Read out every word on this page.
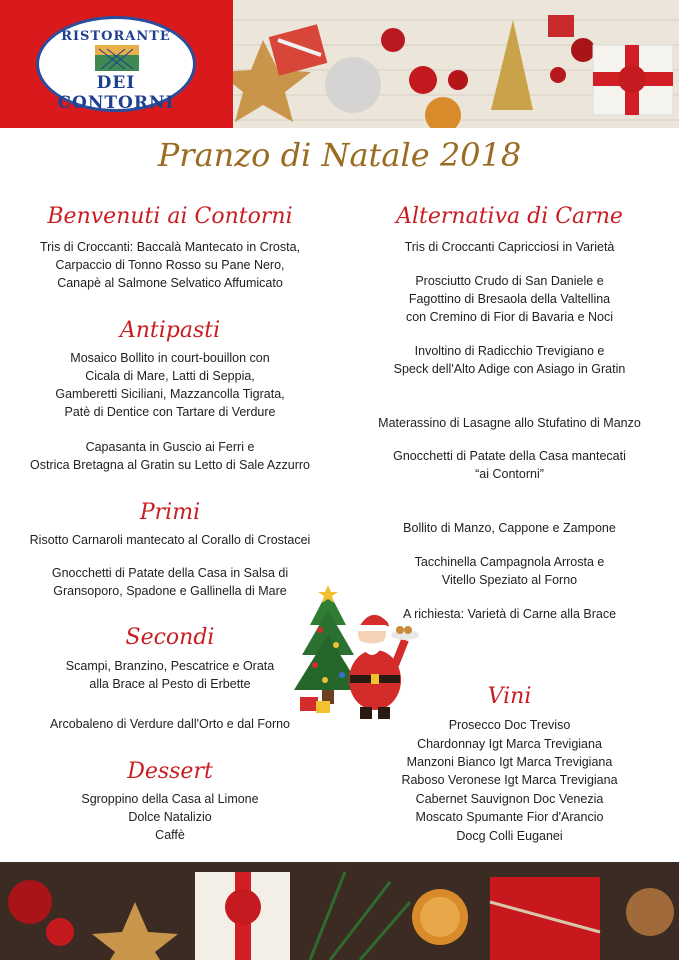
RISTORANTE
DEI CONTORNI
Pranzo di Natale 2018
Benvenuti ai Contorni
Tris di Croccanti: Baccalà Mantecato in Crosta,
Carpaccio di Tonno Rosso su Pane Nero,
Canapè al Salmone Selvatico Affumicato
Antipasti
Mosaico Bollito in court-bouillon con
Cicala di Mare, Latti di Seppia,
Gamberetti Siciliani, Mazzancolla Tigrata,
Patè di Dentice con Tartare di Verdure
Capasanta in Guscio ai Ferri e
Ostrica Bretagna al Gratin su Letto di Sale Azzurro
Primi
Risotto Carnaroli mantecato al Corallo di Crostacei
Gnocchetti di Patate della Casa in Salsa di
Gransoporo, Spadone e Gallinella di Mare
Secondi
Scampi, Branzino, Pescatrice e Orata
alla Brace al Pesto di Erbette
Arcobaleno di Verdure dall'Orto e dal Forno
Dessert
Sgroppino della Casa al Limone
Dolce Natalizio
Caffè
Alternativa di Carne
Tris di Croccanti Capricciosi in Varietà
Prosciutto Crudo di San Daniele e
Fagottino di Bresaola della Valtellina
con Cremino di Fior di Bavaria e Noci
Involtino di Radicchio Trevigiano e
Speck dell'Alto Adige con Asiago in Gratin
Materassino di Lasagne allo Stufatino di Manzo
Gnocchetti di Patate della Casa mantecati
“ai Contorni”
Bollito di Manzo, Cappone e Zampone
Tacchinella Campagnola Arrosta e
Vitello Speziato al Forno
A richiesta: Varietà di Carne alla Brace
Vini
Prosecco Doc Treviso
Chardonnay Igt Marca Trevigiana
Manzoni Bianco Igt Marca Trevigiana
Raboso Veronese Igt Marca Trevigiana
Cabernet Sauvignon Doc Venezia
Moscato Spumante Fior d'Arancio
Docg Colli Euganei
